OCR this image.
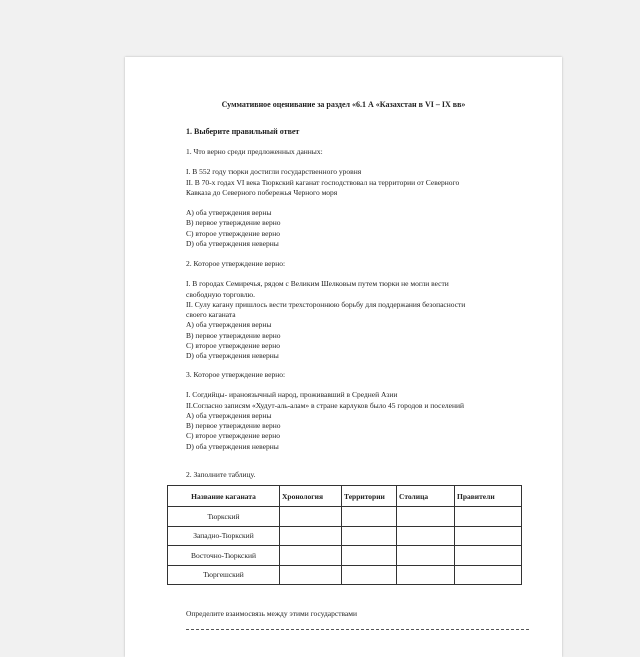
Суммативное оценивание за раздел «6.1 А «Казахстан в VI – IX вв»
1. Выберите правильный ответ
1. Что верно среди предложенных данных:
I. В 552 году тюрки достигли государственного уровня
II. В 70-х годах VI века Тюркский каганат господствовал на территории от Северного
Кавказа до Северного побережья Черного моря
A) оба утверждения верны
B) первое утверждение верно
C) второе утверждение верно
D) оба утверждения неверны
2. Которое утверждение верно:
I. В городах Семиречья, рядом с Великим Шелковым путем тюрки не могли вести
свободную торговлю.
II. Сулу кагану пришлось вести трехстороннюю борьбу для поддержания безопасности
своего каганата
A) оба утверждения верны
B) первое утверждение верно
C) второе утверждение верно
D) оба утверждения неверны
3. Которое утверждение верно:
I. Согдийцы- ираноязычный народ, проживавший в Средней Азии
II.Согласно записям «Худут-аль-алам» в стране карлуков было 45 городов и поселений
A) оба утверждения верны
B) первое утверждение верно
C) второе утверждение верно
D) оба утверждения неверны
2. Заполните таблицу.
Название каганата	Хронология	Территории	Столица	Правители
Тюркский				
Западно-Тюркский				
Восточно-Тюркский				
Тюргешский				
Определите взаимосвязь между этими государствами
